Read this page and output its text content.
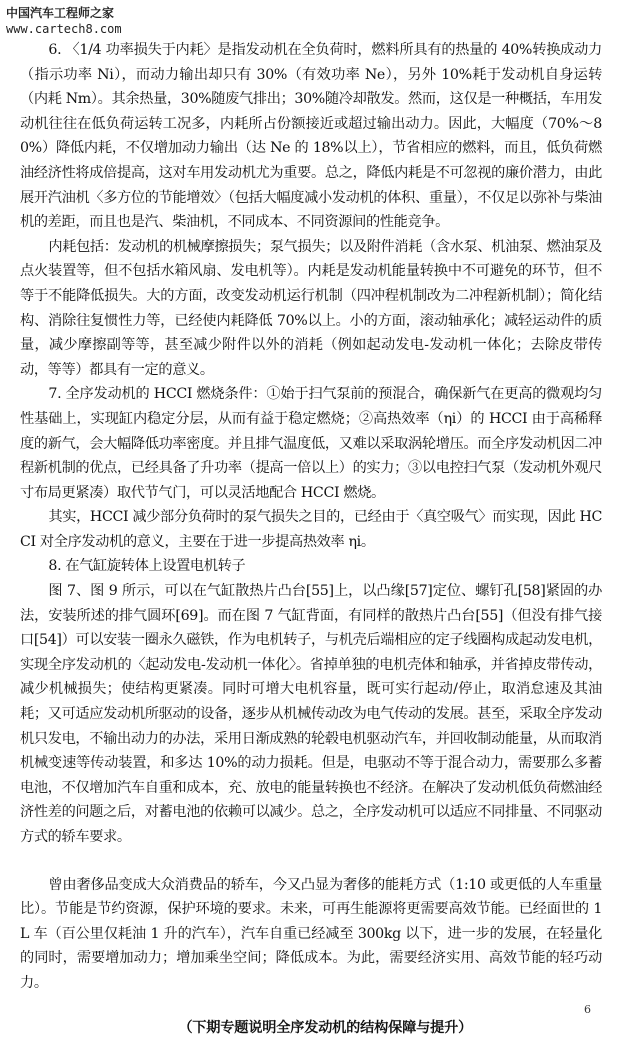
中国汽车工程师之家
www.cartech8.com

6. 〈1/4 功率损失于内耗〉是指发动机在全负荷时，燃料所具有的热量的 40%转换成动力（指示功率 Ni），而动力输出却只有 30%（有效功率 Ne），另外 10%耗于发动机自身运转（内耗 Nm）。其余热量，30%随废气排出；30%随冷却散发。然而，这仅是一种概括，车用发动机往往在低负荷运转工况多，内耗所占份额接近或超过输出动力。因此，大幅度（70%～80%）降低内耗，不仅增加动力输出（达 Ne 的 18%以上），节省相应的燃料，而且，低负荷燃油经济性将成倍提高，这对车用发动机尤为重要。总之，降低内耗是不可忽视的廉价潜力，由此展开汽油机〈多方位的节能增效〉（包括大幅度减小发动机的体积、重量），不仅足以弥补与柴油机的差距，而且也是汽、柴油机，不同成本、不同资源间的性能竞争。

内耗包括：发动机的机械摩擦损失；泵气损失；以及附件消耗（含水泵、机油泵、燃油泵及点火装置等，但不包括水箱风扇、发电机等）。内耗是发动机能量转换中不可避免的环节，但不等于不能降低损失。大的方面，改变发动机运行机制（四冲程机制改为二冲程新机制）；简化结构、消除往复惯性力等，已经使内耗降低 70%以上。小的方面，滚动轴承化；减轻运动件的质量，减少摩擦副等等，甚至减少附件以外的消耗（例如起动发电-发动机一体化；去除皮带传动，等等）都具有一定的意义。

7. 全序发动机的 HCCI 燃烧条件：①始于扫气泵前的预混合，确保新气在更高的微观均匀性基础上，实现缸内稳定分层，从而有益于稳定燃烧；②高热效率（ηi）的 HCCI 由于高稀释度的新气，会大幅降低功率密度。并且排气温度低，又难以采取涡轮增压。而全序发动机因二冲程新机制的优点，已经具备了升功率（提高一倍以上）的实力；③以电控扫气泵（发动机外观尺寸布局更紧凑）取代节气门，可以灵活地配合 HCCI 燃烧。

其实，HCCI 减少部分负荷时的泵气损失之目的，已经由于〈真空吸气〉而实现，因此 HCCI 对全序发动机的意义，主要在于进一步提高热效率 ηi。

8. 在气缸旋转体上设置电机转子

图 7、图 9 所示，可以在气缸散热片凸台[55]上，以凸缘[57]定位、螺钉孔[58]紧固的办法，安装所述的排气圆环[69]。而在图 7 气缸背面，有同样的散热片凸台[55]（但没有排气接口[54]）可以安装一圈永久磁铁，作为电机转子，与机壳后端相应的定子线圈构成起动发电机，实现全序发动机的〈起动发电-发动机一体化〉。省掉单独的电机壳体和轴承，并省掉皮带传动，减少机械损失；使结构更紧凑。同时可增大电机容量，既可实行起动/停止，取消怠速及其油耗；又可适应发动机所驱动的设备，逐步从机械传动改为电气传动的发展。甚至，采取全序发动机只发电，不输出动力的办法，采用日渐成熟的轮毂电机驱动汽车，并回收制动能量，从而取消机械变速等传动装置，和多达 10%的动力损耗。但是，电驱动不等于混合动力，需要那么多蓄电池，不仅增加汽车自重和成本，充、放电的能量转换也不经济。在解决了发动机低负荷燃油经济性差的问题之后，对蓄电池的依赖可以减少。总之，全序发动机可以适应不同排量、不同驱动方式的轿车要求。

曾由奢侈品变成大众消费品的轿车，今又凸显为奢侈的能耗方式（1:10 或更低的人车重量比）。节能是节约资源，保护环境的要求。未来，可再生能源将更需要高效节能。已经面世的 1L 车（百公里仅耗油 1 升的汽车），汽车自重已经减至 300kg 以下，进一步的发展，在轻量化的同时，需要增加动力；增加乘坐空间；降低成本。为此，需要经济实用、高效节能的轻巧动力。

（下期专题说明全序发动机的结构保障与提升）

6
